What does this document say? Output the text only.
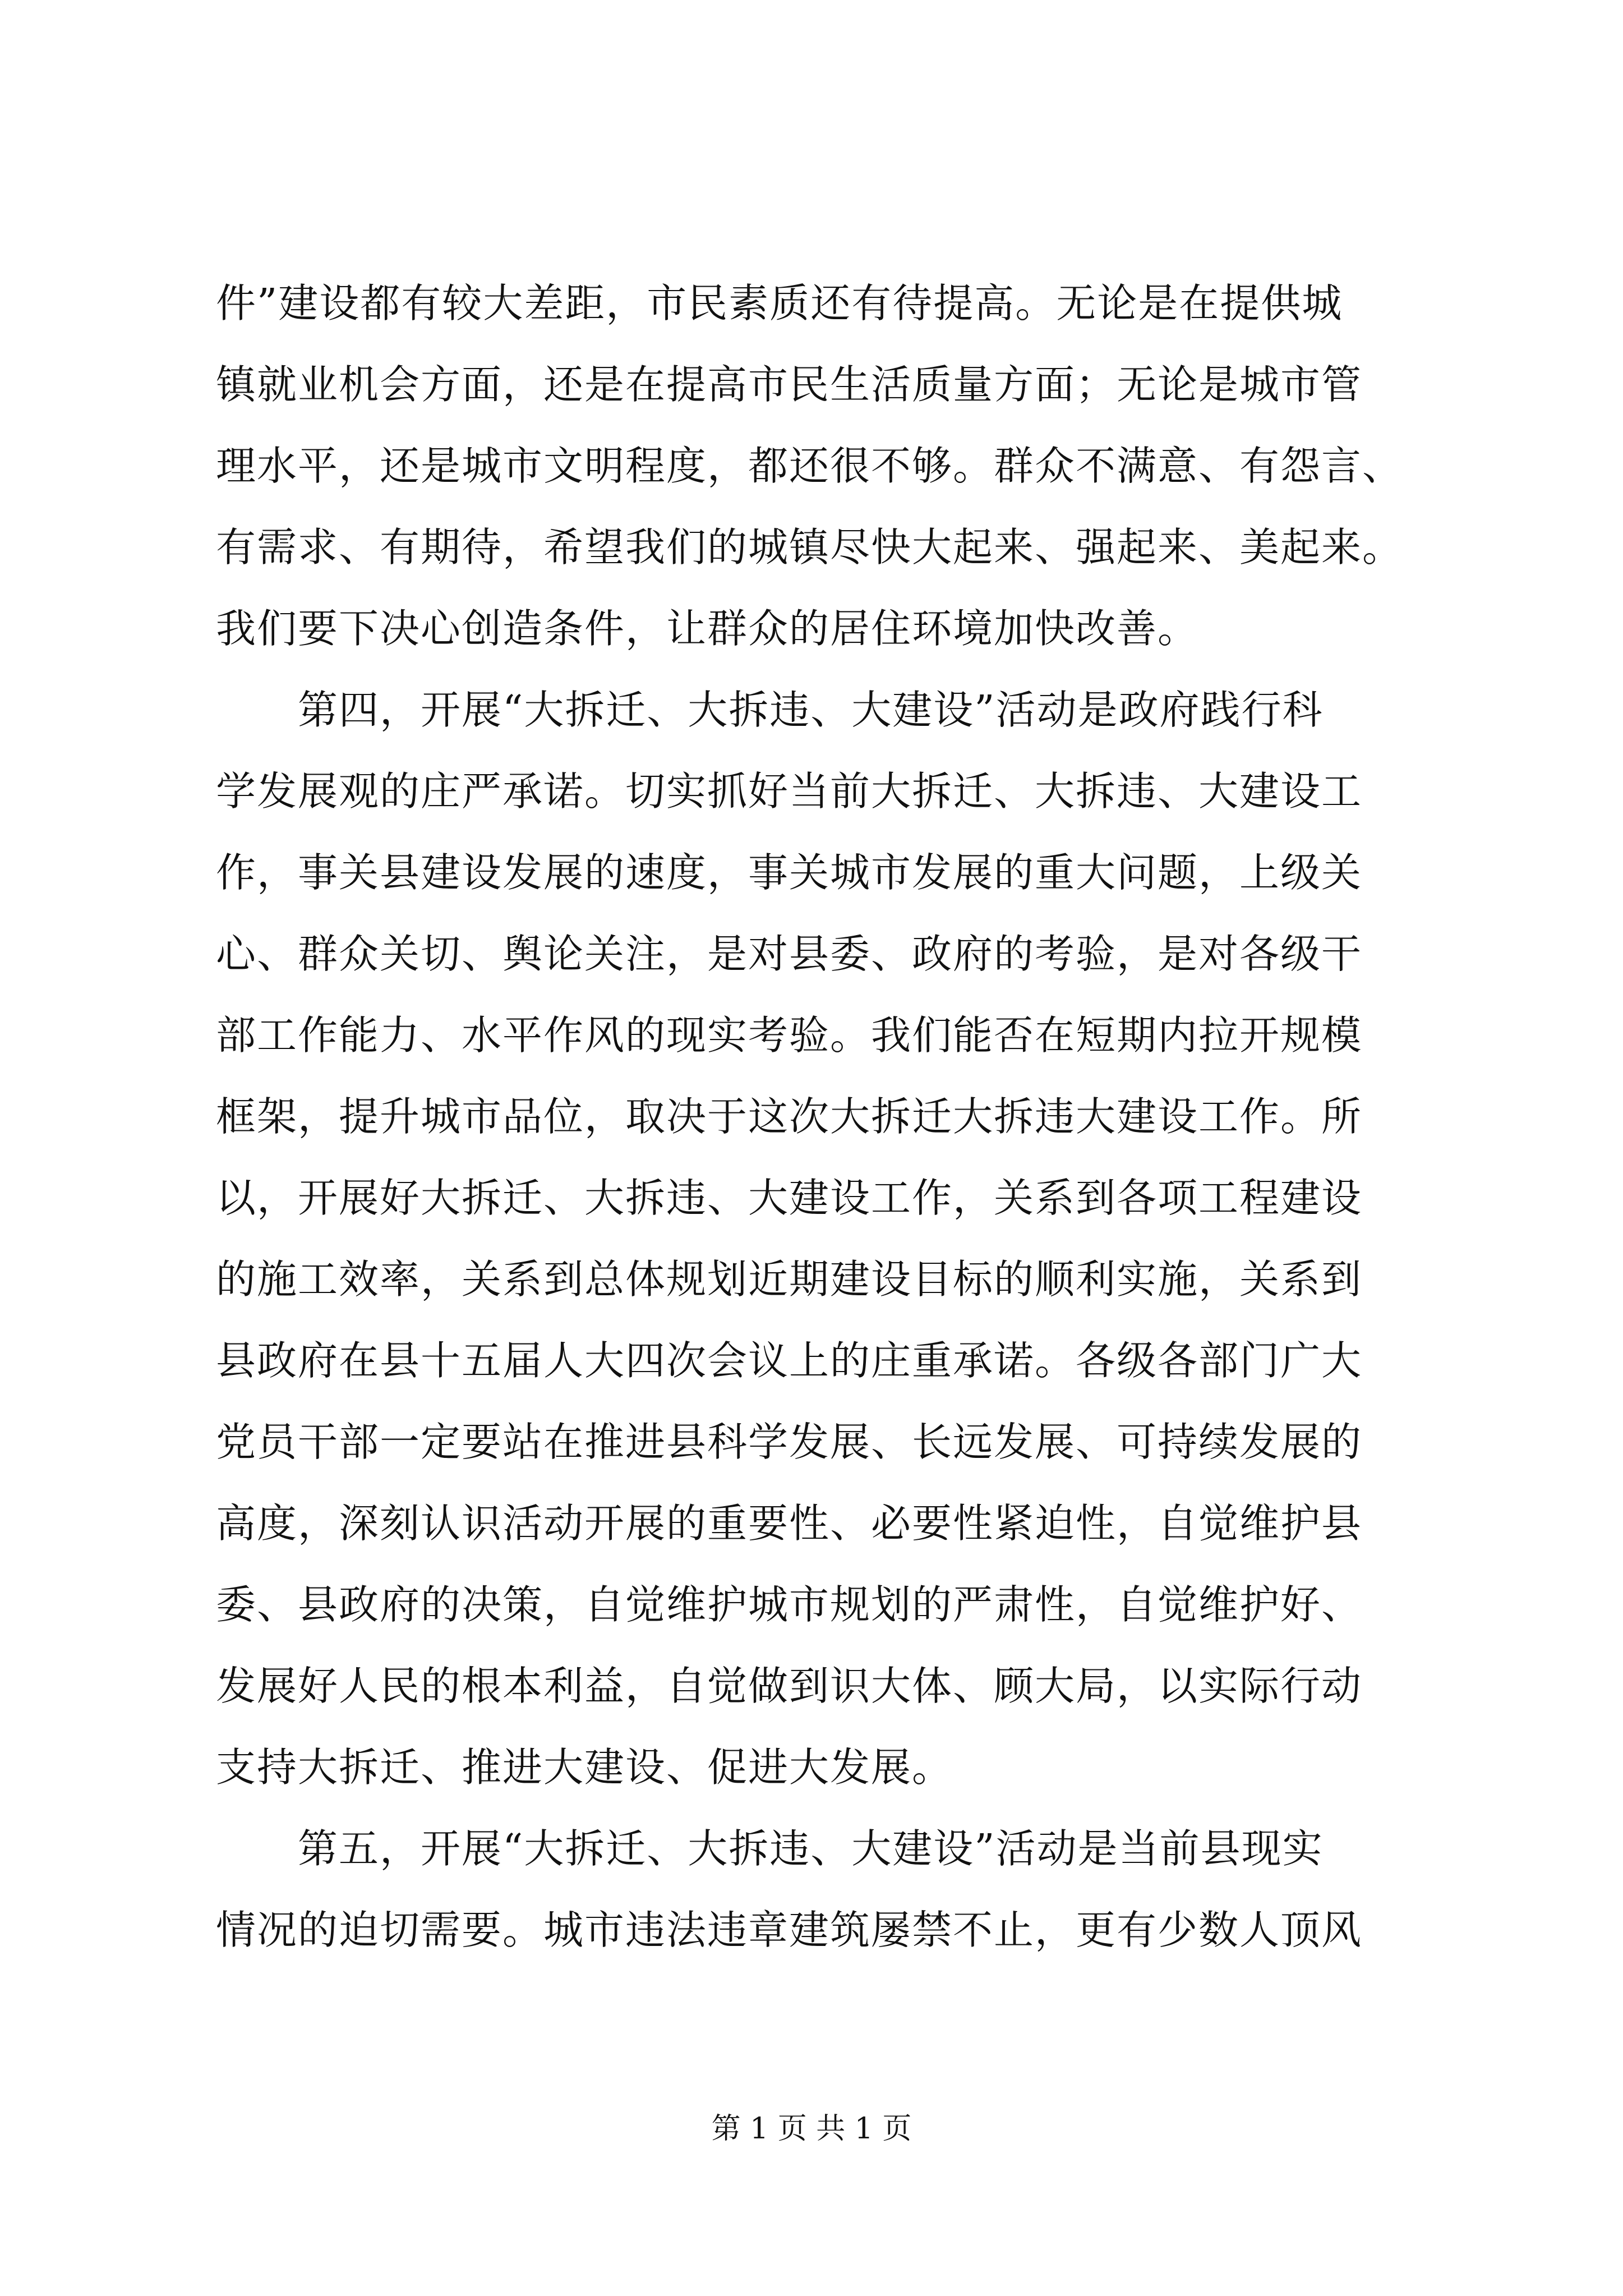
件”建设都有较大差距，市民素质还有待提高。无论是在提供城
镇就业机会方面，还是在提高市民生活质量方面；无论是城市管
理水平，还是城市文明程度，都还很不够。群众不满意、有怨言、
有需求、有期待，希望我们的城镇尽快大起来、强起来、美起来。
我们要下决心创造条件，让群众的居住环境加快改善。
　　第四，开展“大拆迁、大拆违、大建设”活动是政府践行科
学发展观的庄严承诺。切实抓好当前大拆迁、大拆违、大建设工
作，事关县建设发展的速度，事关城市发展的重大问题，上级关
心、群众关切、舆论关注，是对县委、政府的考验，是对各级干
部工作能力、水平作风的现实考验。我们能否在短期内拉开规模
框架，提升城市品位，取决于这次大拆迁大拆违大建设工作。所
以，开展好大拆迁、大拆违、大建设工作，关系到各项工程建设
的施工效率，关系到总体规划近期建设目标的顺利实施，关系到
县政府在县十五届人大四次会议上的庄重承诺。各级各部门广大
党员干部一定要站在推进县科学发展、长远发展、可持续发展的
高度，深刻认识活动开展的重要性、必要性紧迫性，自觉维护县
委、县政府的决策，自觉维护城市规划的严肃性，自觉维护好、
发展好人民的根本利益，自觉做到识大体、顾大局，以实际行动
支持大拆迁、推进大建设、促进大发展。
　　第五，开展“大拆迁、大拆违、大建设”活动是当前县现实
情况的迫切需要。城市违法违章建筑屡禁不止，更有少数人顶风
第 1 页 共 1 页
